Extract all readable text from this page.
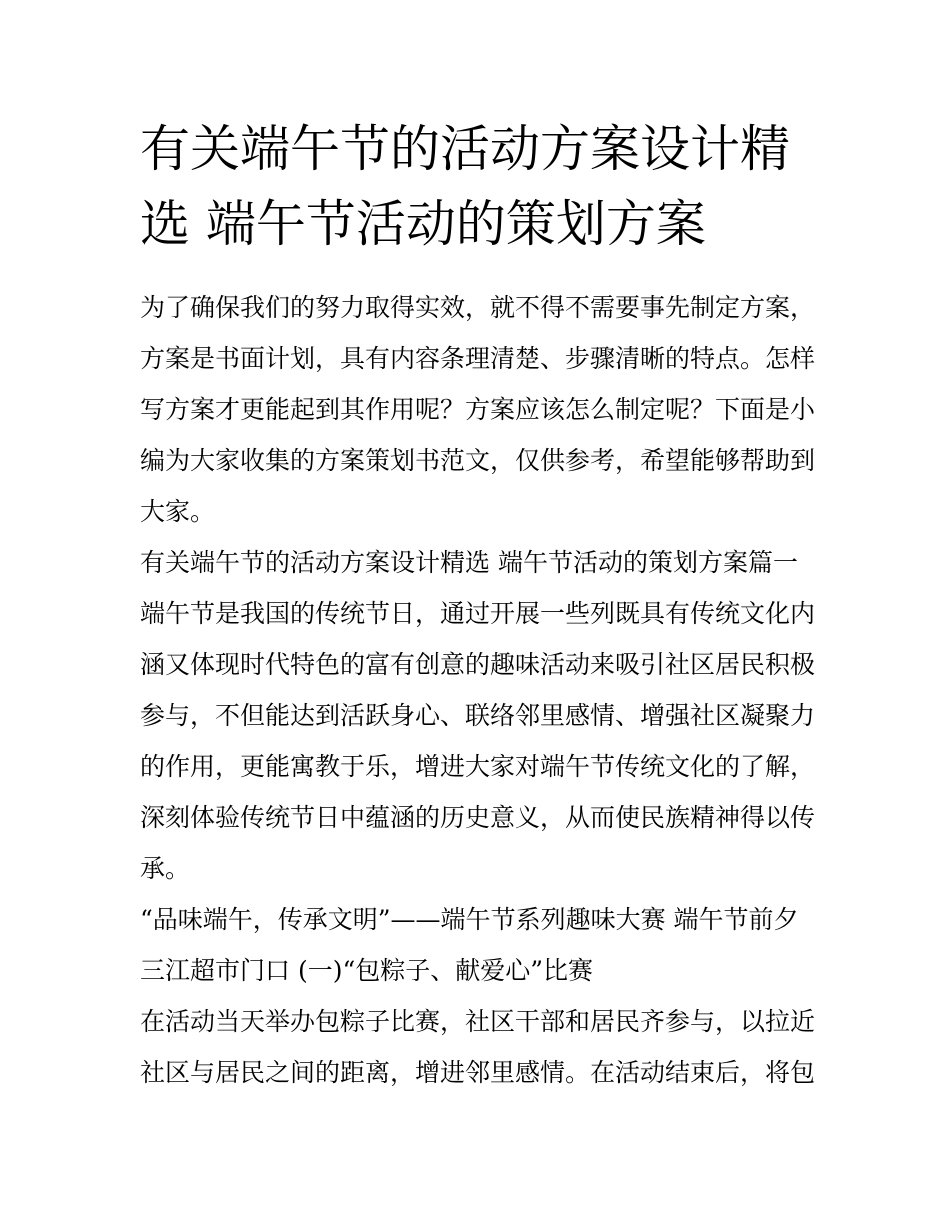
有关端午节的活动方案设计精选 端午节活动的策划方案

为了确保我们的努力取得实效，就不得不需要事先制定方案，方案是书面计划，具有内容条理清楚、步骤清晰的特点。怎样写方案才更能起到其作用呢？方案应该怎么制定呢？下面是小编为大家收集的方案策划书范文，仅供参考，希望能够帮助到大家。

有关端午节的活动方案设计精选 端午节活动的策划方案篇一

端午节是我国的传统节日，通过开展一些列既具有传统文化内涵又体现时代特色的富有创意的趣味活动来吸引社区居民积极参与，不但能达到活跃身心、联络邻里感情、增强社区凝聚力的作用，更能寓教于乐，增进大家对端午节传统文化的了解，深刻体验传统节日中蕴涵的历史意义，从而使民族精神得以传承。

“品味端午，传承文明”——端午节系列趣味大赛 端午节前夕

三江超市门口 (一)“包粽子、献爱心”比赛

在活动当天举办包粽子比赛，社区干部和居民齐参与，以拉近社区与居民之间的距离，增进邻里感情。在活动结束后，将包
